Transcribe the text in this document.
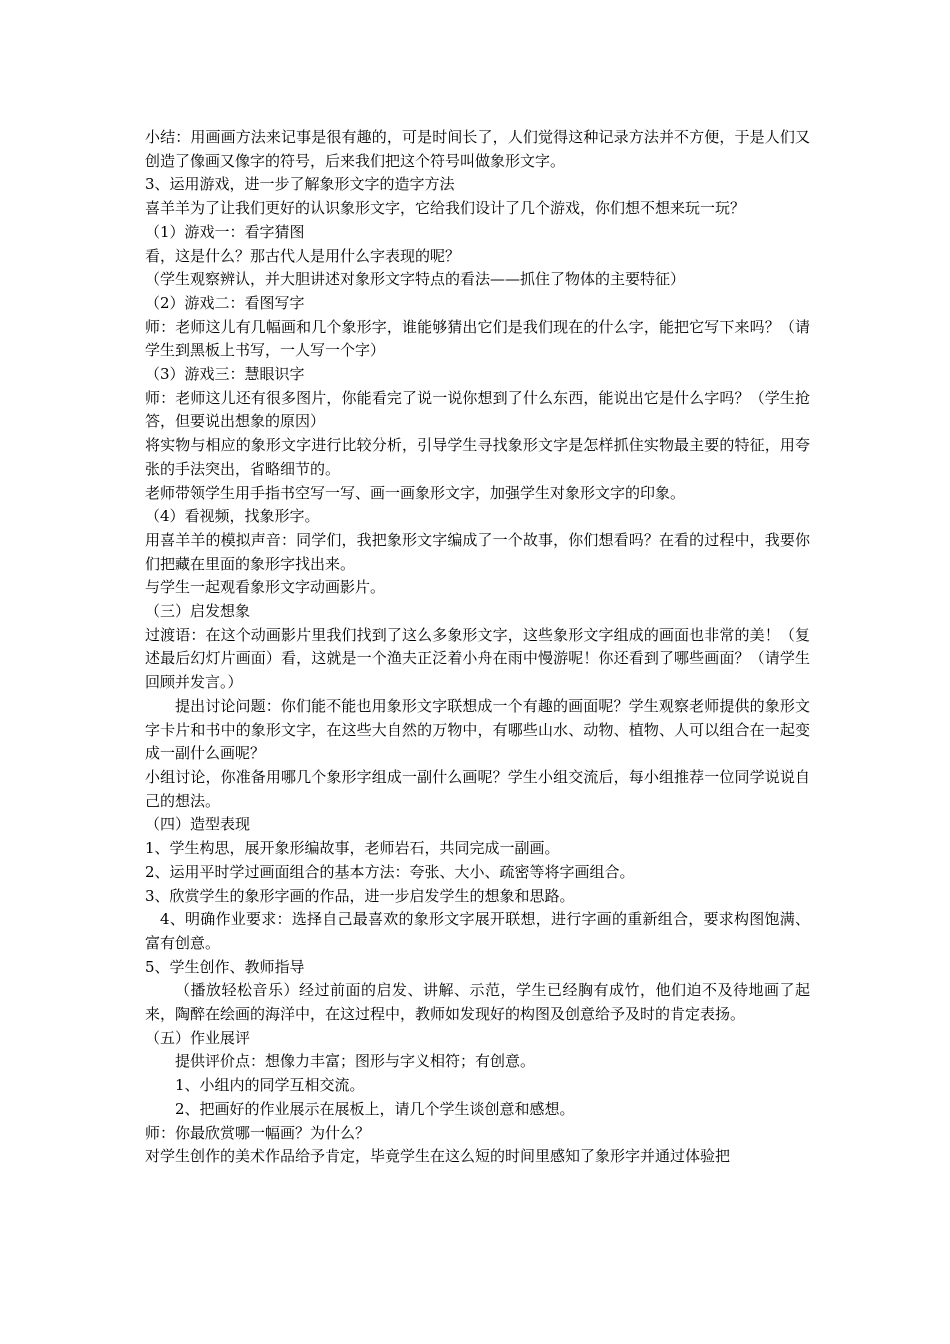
小结：用画画方法来记事是很有趣的，可是时间长了，人们觉得这种记录方法并不方便，于是人们又创造了像画又像字的符号，后来我们把这个符号叫做象形文字。

3、运用游戏，进一步了解象形文字的造字方法

喜羊羊为了让我们更好的认识象形文字，它给我们设计了几个游戏，你们想不想来玩一玩？

（1）游戏一：看字猜图

看，这是什么？那古代人是用什么字表现的呢？

（学生观察辨认，并大胆讲述对象形文字特点的看法——抓住了物体的主要特征）

（2）游戏二：看图写字

师：老师这儿有几幅画和几个象形字，谁能够猜出它们是我们现在的什么字，能把它写下来吗？（请学生到黑板上书写，一人写一个字）

（3）游戏三：慧眼识字

师：老师这儿还有很多图片，你能看完了说一说你想到了什么东西，能说出它是什么字吗？（学生抢答，但要说出想象的原因）

将实物与相应的象形文字进行比较分析，引导学生寻找象形文字是怎样抓住实物最主要的特征，用夸张的手法突出，省略细节的。

老师带领学生用手指书空写一写、画一画象形文字，加强学生对象形文字的印象。

（4）看视频，找象形字。

用喜羊羊的模拟声音：同学们，我把象形文字编成了一个故事，你们想看吗？在看的过程中，我要你们把藏在里面的象形字找出来。

与学生一起观看象形文字动画影片。

（三）启发想象

过渡语：在这个动画影片里我们找到了这么多象形文字，这些象形文字组成的画面也非常的美！（复述最后幻灯片画面）看，这就是一个渔夫正泛着小舟在雨中慢游呢！你还看到了哪些画面？（请学生回顾并发言。）

提出讨论问题：你们能不能也用象形文字联想成一个有趣的画面呢？学生观察老师提供的象形文字卡片和书中的象形文字，在这些大自然的万物中，有哪些山水、动物、植物、人可以组合在一起变成一副什么画呢？

小组讨论，你准备用哪几个象形字组成一副什么画呢？学生小组交流后，每小组推荐一位同学说说自己的想法。

（四）造型表现

1、学生构思，展开象形编故事，老师岩石，共同完成一副画。

2、运用平时学过画面组合的基本方法：夸张、大小、疏密等将字画组合。

3、欣赏学生的象形字画的作品，进一步启发学生的想象和思路。

4、明确作业要求：选择自己最喜欢的象形文字展开联想，进行字画的重新组合，要求构图饱满、富有创意。

5、学生创作、教师指导

（播放轻松音乐）经过前面的启发、讲解、示范，学生已经胸有成竹，他们迫不及待地画了起来，陶醉在绘画的海洋中，在这过程中，教师如发现好的构图及创意给予及时的肯定表扬。

（五）作业展评

提供评价点：想像力丰富；图形与字义相符；有创意。

1、小组内的同学互相交流。

2、把画好的作业展示在展板上，请几个学生谈创意和感想。

师：你最欣赏哪一幅画？为什么？

对学生创作的美术作品给予肯定，毕竟学生在这么短的时间里感知了象形字并通过体验把
